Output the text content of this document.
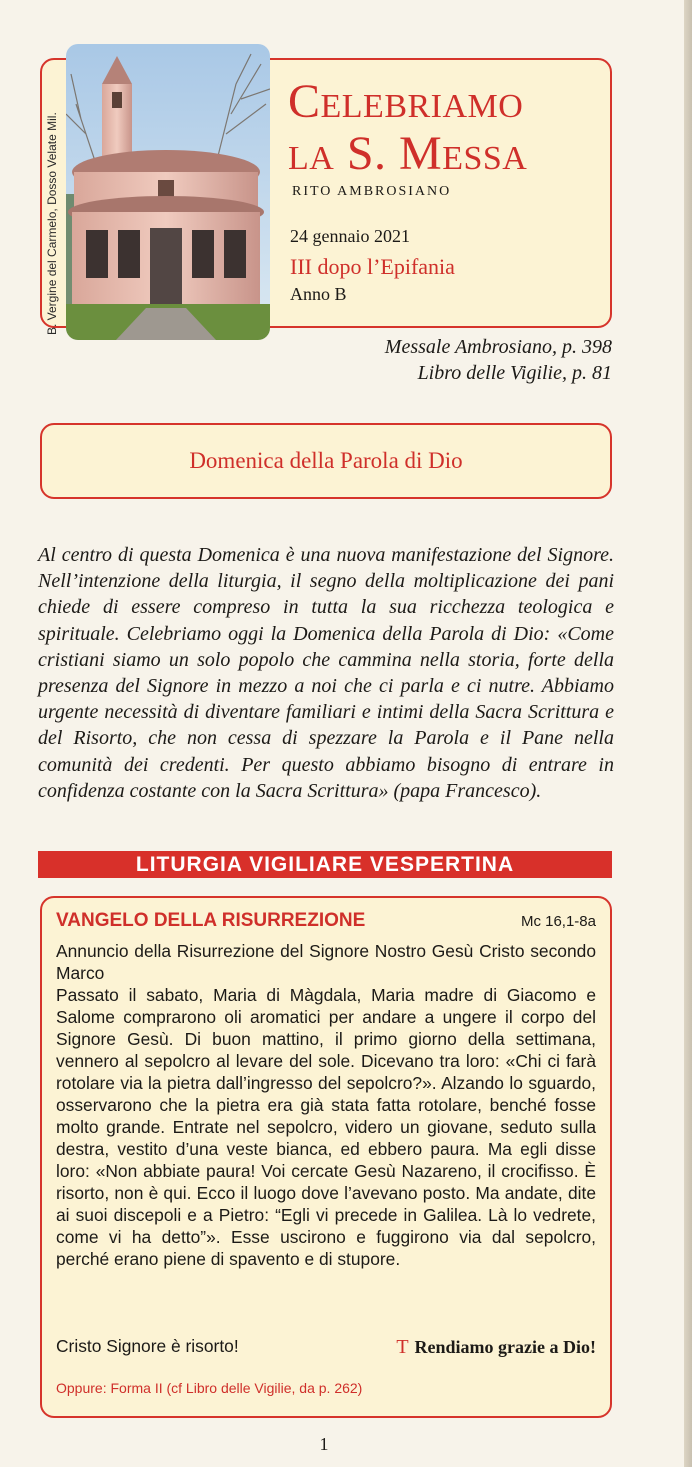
B. Vergine del Carmelo, Dosso Velate Mil.
Celebriamo
la S. Messa
RITO AMBROSIANO
24 gennaio 2021
III dopo l’Epifania
Anno B
Messale Ambrosiano, p. 398
Libro delle Vigilie, p. 81
Domenica della Parola di Dio
Al centro di questa Domenica è una nuova manifestazione del Signore. Nell’intenzione della liturgia, il segno della moltiplicazione dei pani chiede di essere compreso in tutta la sua ricchezza teologica e spirituale. Celebriamo oggi la Domenica della Parola di Dio: «Come cristiani siamo un solo popolo che cammina nella storia, forte della presenza del Signore in mezzo a noi che ci parla e ci nutre. Abbiamo urgente necessità di diventare familiari e intimi della Sacra Scrittura e del Risorto, che non cessa di spezzare la Parola e il Pane nella comunità dei credenti. Per questo abbiamo bisogno di entrare in confidenza costante con la Sacra Scrittura» (papa Francesco).
LITURGIA VIGILIARE VESPERTINA
VANGELO DELLA RISURREZIONE	Mc 16,1-8a

Annuncio della Risurrezione del Signore Nostro Gesù Cristo secondo Marco

Passato il sabato, Maria di Màgdala, Maria madre di Giacomo e Salome comprarono oli aromatici per andare a ungere il corpo del Signore Gesù. Di buon mattino, il primo giorno della settimana, vennero al sepolcro al levare del sole. Dicevano tra loro: «Chi ci farà rotolare via la pietra dall’ingresso del sepolcro?». Alzando lo sguardo, osservarono che la pietra era già stata fatta rotolare, benché fosse molto grande. Entrate nel sepolcro, videro un giovane, seduto sulla destra, vestito d’una veste bianca, ed ebbero paura. Ma egli disse loro: «Non abbiate paura! Voi cercate Gesù Nazareno, il crocifisso. È risorto, non è qui. Ecco il luogo dove l’avevano posto. Ma andate, dite ai suoi discepoli e a Pietro: “Egli vi precede in Galilea. Là lo vedrete, come vi ha detto”». Esse uscirono e fuggirono via dal sepolcro, perché erano piene di spavento e di stupore.

Cristo Signore è risorto!	T Rendiamo grazie a Dio!
Oppure: Forma II (cf Libro delle Vigilie, da p. 262)
1
